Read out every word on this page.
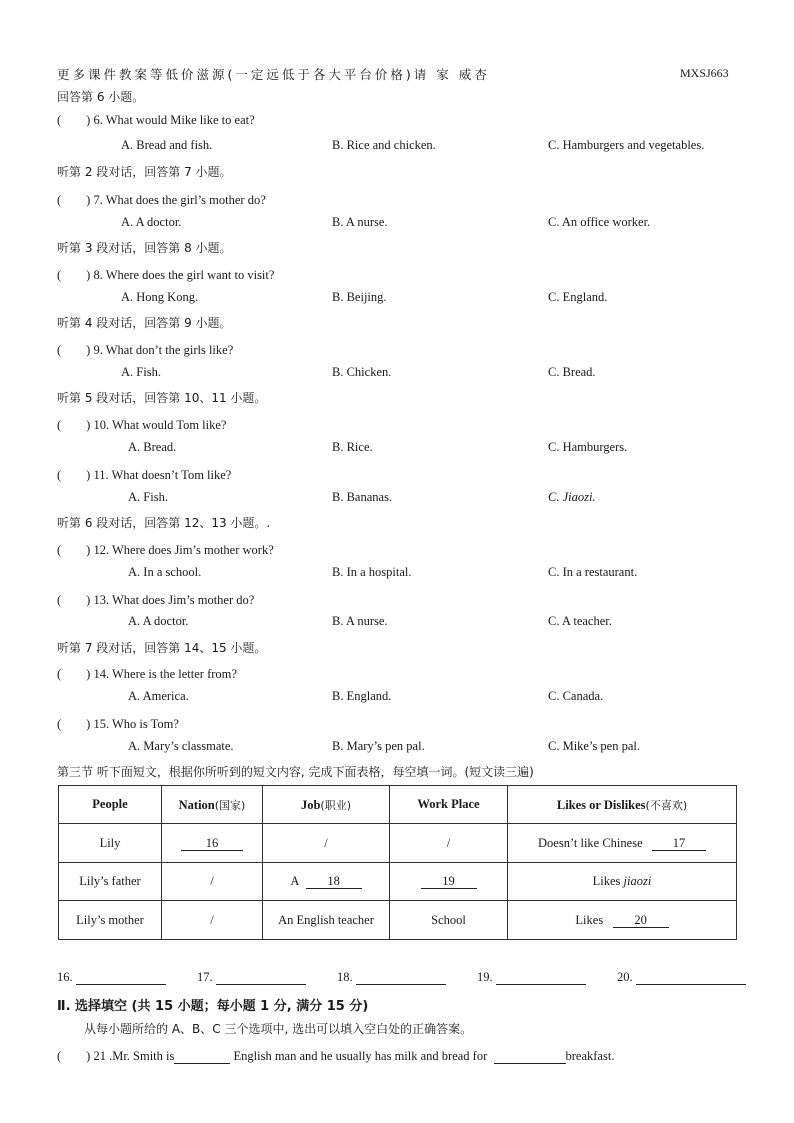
更多课件教案等低价滋源(一定远低于各大平台价格)请 家 威杏	MXSJ663
回答第 6 小题。
(　　) 6. What would Mike like to eat?
A. Bread and fish.	B. Rice and chicken.	C. Hamburgers and vegetables.
听第 2 段对话，回答第 7 小题。
(　　) 7. What does the girl’s mother do?
A. A doctor.	B. A nurse.	C. An office worker.
听第 3 段对话，回答第 8 小题。
(　　) 8. Where does the girl want to visit?
A. Hong Kong.	B. Beijing.	C. England.
听第 4 段对话，回答第 9 小题。
(　　) 9. What don’t the girls like?
A. Fish.	B. Chicken.	C. Bread.
听第 5 段对话，回答第 10、11 小题。
(　　) 10. What would Tom like?
A. Bread.	B. Rice.	C. Hamburgers.
(　　) 11. What doesn’t Tom like?
A. Fish.	B. Bananas.	C. Jiaozi.
听第 6 段对话，回答第 12、13 小题。.
(　　) 12. Where does Jim’s mother work?
A. In a school.	B. In a hospital.	C. In a restaurant.
(　　) 13. What does Jim’s mother do?
A. A doctor.	B. A nurse.	C. A teacher.
听第 7 段对话，回答第 14、15 小题。
(　　) 14. Where is the letter from?
A. America.	B. England.	C. Canada.
(　　) 15. Who is Tom?
A. Mary’s classmate.	B. Mary’s pen pal.	C. Mike’s pen pal.
第三节 听下面短文，根据你所听到的短文内容, 完成下面表格，每空填一词。(短文读三遍)
People	Nation(国家)	Job(职业)	Work Place	Likes or Dislikes(不喜欢)
Lily	16	/	/	Doesn’t like Chinese 17
Lily’s father	/	A 18	19	Likes jiaozi
Lily’s mother	/	An English teacher	School	Likes 20
16.	17.	18.	19.	20.
Ⅱ. 选择填空 (共 15 小题；每小题 1 分, 满分 15 分)
从每小题所给的 A、B、C 三个选项中, 选出可以填入空白处的正确答案。
(　　) 21 .Mr. Smith is	English man and he usually has milk and bread for	breakfast.
